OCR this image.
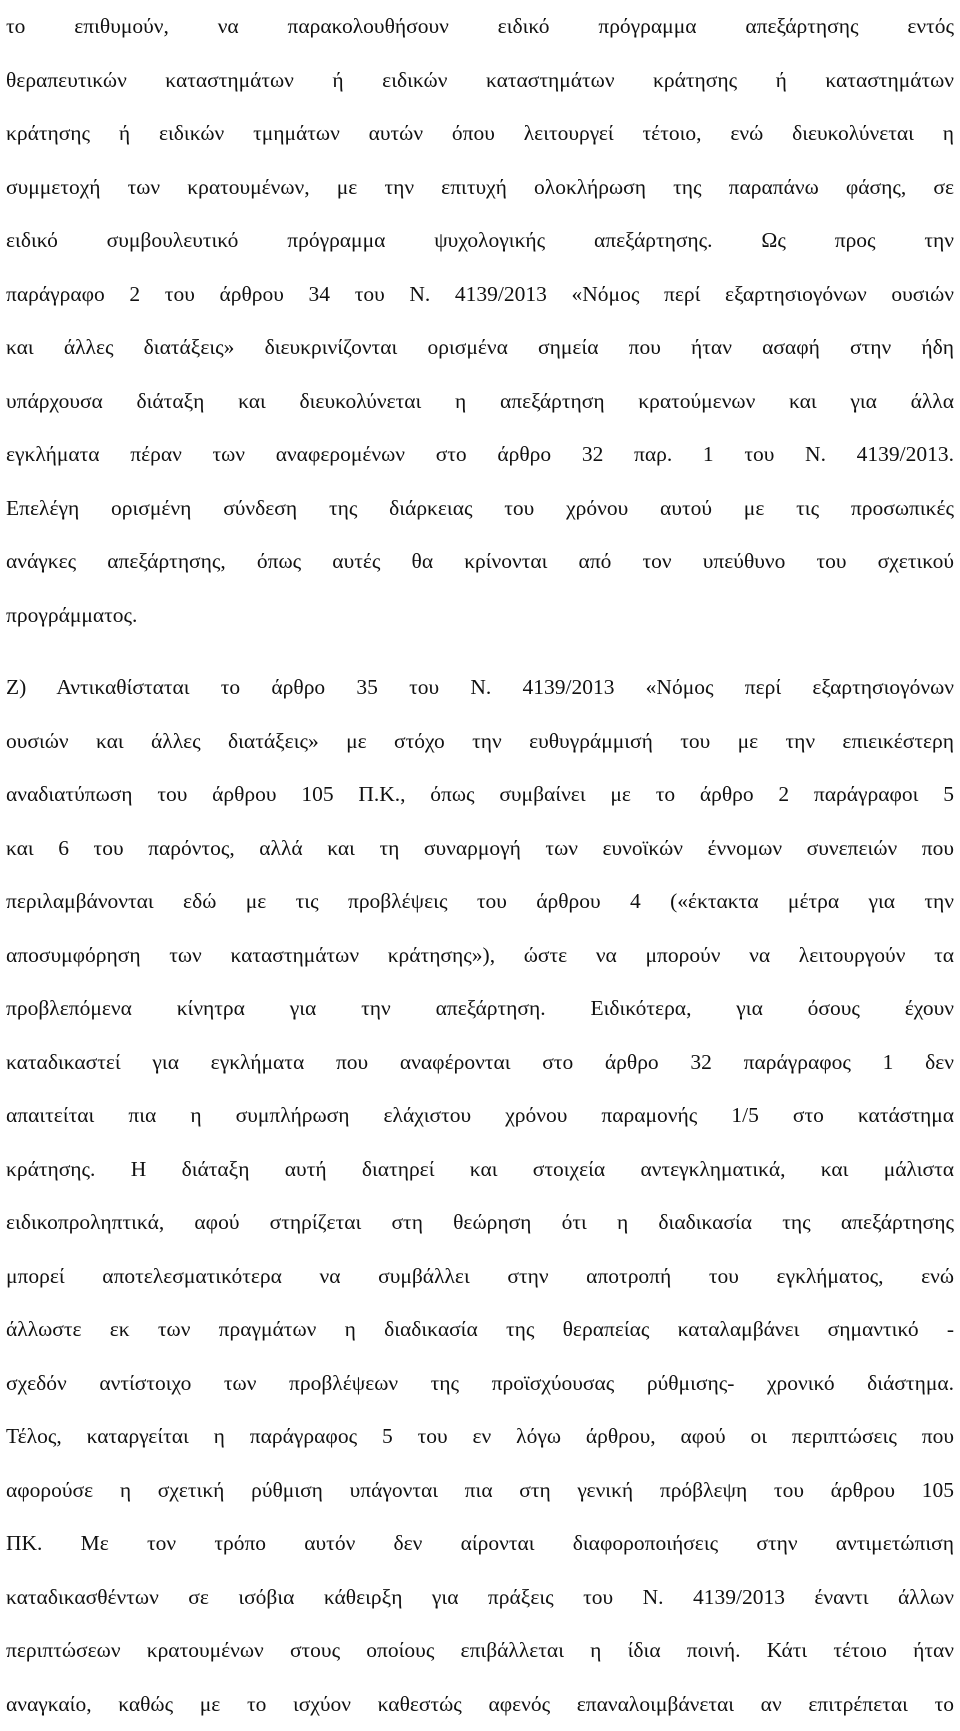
το επιθυμούν, να παρακολουθήσουν ειδικό πρόγραμμα απεξάρτησης εντός
θεραπευτικών καταστημάτων ή ειδικών καταστημάτων κράτησης ή καταστημάτων
κράτησης ή ειδικών τμημάτων αυτών όπου λειτουργεί τέτοιο, ενώ διευκολύνεται η
συμμετοχή των κρατουμένων, με την επιτυχή ολοκλήρωση της παραπάνω φάσης, σε
ειδικό συμβουλευτικό πρόγραμμα ψυχολογικής απεξάρτησης. Ως προς την
παράγραφο 2 του άρθρου 34 του Ν. 4139/2013 «Νόμος περί εξαρτησιογόνων ουσιών
και άλλες διατάξεις» διευκρινίζονται ορισμένα σημεία που ήταν ασαφή στην ήδη
υπάρχουσα διάταξη και διευκολύνεται η απεξάρτηση κρατούμενων και για άλλα
εγκλήματα πέραν των αναφερομένων στο άρθρο 32 παρ. 1 του Ν. 4139/2013.
Επελέγη ορισμένη σύνδεση της διάρκειας του χρόνου αυτού με τις προσωπικές
ανάγκες απεξάρτησης, όπως αυτές θα κρίνονται από τον υπεύθυνο του σχετικού
προγράμματος.
Ζ) Αντικαθίσταται το άρθρο 35 του Ν. 4139/2013 «Νόμος περί εξαρτησιογόνων
ουσιών και άλλες διατάξεις» με στόχο την ευθυγράμμισή του με την επιεικέστερη
αναδιατύπωση του άρθρου 105 Π.Κ., όπως συμβαίνει με το άρθρο 2 παράγραφοι 5
και 6 του παρόντος, αλλά και τη συναρμογή των ευνοϊκών έννομων συνεπειών που
περιλαμβάνονται εδώ με τις προβλέψεις του άρθρου 4 («έκτακτα μέτρα για την
αποσυμφόρηση των καταστημάτων κράτησης»), ώστε να μπορούν να λειτουργούν τα
προβλεπόμενα κίνητρα για την απεξάρτηση. Ειδικότερα, για όσους έχουν
καταδικαστεί για εγκλήματα που αναφέρονται στο άρθρο 32 παράγραφος 1 δεν
απαιτείται πια η συμπλήρωση ελάχιστου χρόνου παραμονής 1/5 στο κατάστημα
κράτησης. Η διάταξη αυτή διατηρεί και στοιχεία αντεγκληματικά, και μάλιστα
ειδικοπροληπτικά, αφού στηρίζεται στη θεώρηση ότι η διαδικασία της απεξάρτησης
μπορεί αποτελεσματικότερα να συμβάλλει στην αποτροπή του εγκλήματος, ενώ
άλλωστε εκ των πραγμάτων η διαδικασία της θεραπείας καταλαμβάνει σημαντικό -
σχεδόν αντίστοιχο των προβλέψεων της προϊσχύουσας ρύθμισης- χρονικό διάστημα.
Τέλος, καταργείται η παράγραφος 5 του εν λόγω άρθρου, αφού οι περιπτώσεις που
αφορούσε η σχετική ρύθμιση υπάγονται πια στη γενική πρόβλεψη του άρθρου 105
ΠΚ. Με τον τρόπο αυτόν δεν αίρονται διαφοροποιήσεις στην αντιμετώπιση
καταδικασθέντων σε ισόβια κάθειρξη για πράξεις του Ν. 4139/2013 έναντι άλλων
περιπτώσεων κρατουμένων στους οποίους επιβάλλεται η ίδια ποινή. Κάτι τέτοιο ήταν
αναγκαίο, καθώς με το ισχύον καθεστώς αφενός επαναλοιμβάνεται αν επιτρέπεται το
